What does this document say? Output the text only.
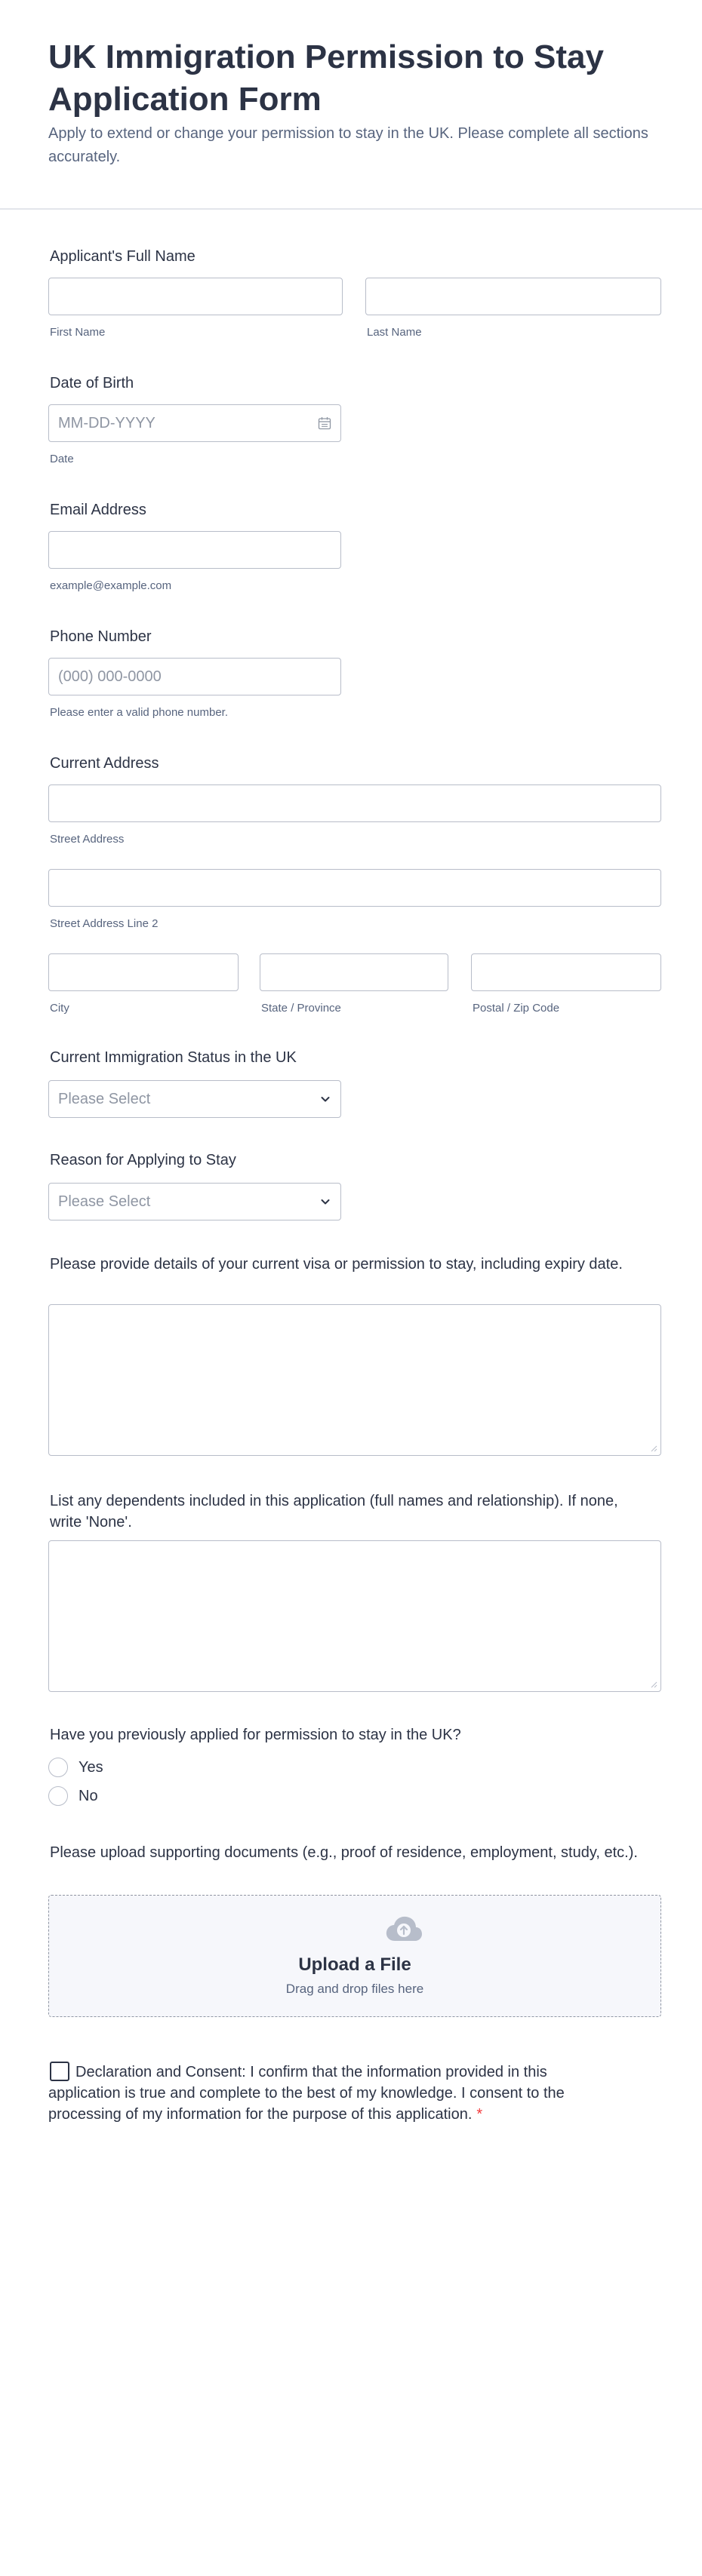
UK Immigration Permission to Stay Application Form
Apply to extend or change your permission to stay in the UK. Please complete all sections accurately.
Applicant's Full Name
First Name	Last Name
Date of Birth
MM-DD-YYYY
Date
Email Address
example@example.com
Phone Number
(000) 000-0000
Please enter a valid phone number.
Current Address
Street Address
Street Address Line 2
City	State / Province	Postal / Zip Code
Current Immigration Status in the UK
Please Select
Reason for Applying to Stay
Please Select
Please provide details of your current visa or permission to stay, including expiry date.
List any dependents included in this application (full names and relationship). If none, write 'None'.
Have you previously applied for permission to stay in the UK?
Yes
No
Please upload supporting documents (e.g., proof of residence, employment, study, etc.).
Upload a File
Drag and drop files here
Declaration and Consent: I confirm that the information provided in this application is true and complete to the best of my knowledge. I consent to the processing of my information for the purpose of this application. *
